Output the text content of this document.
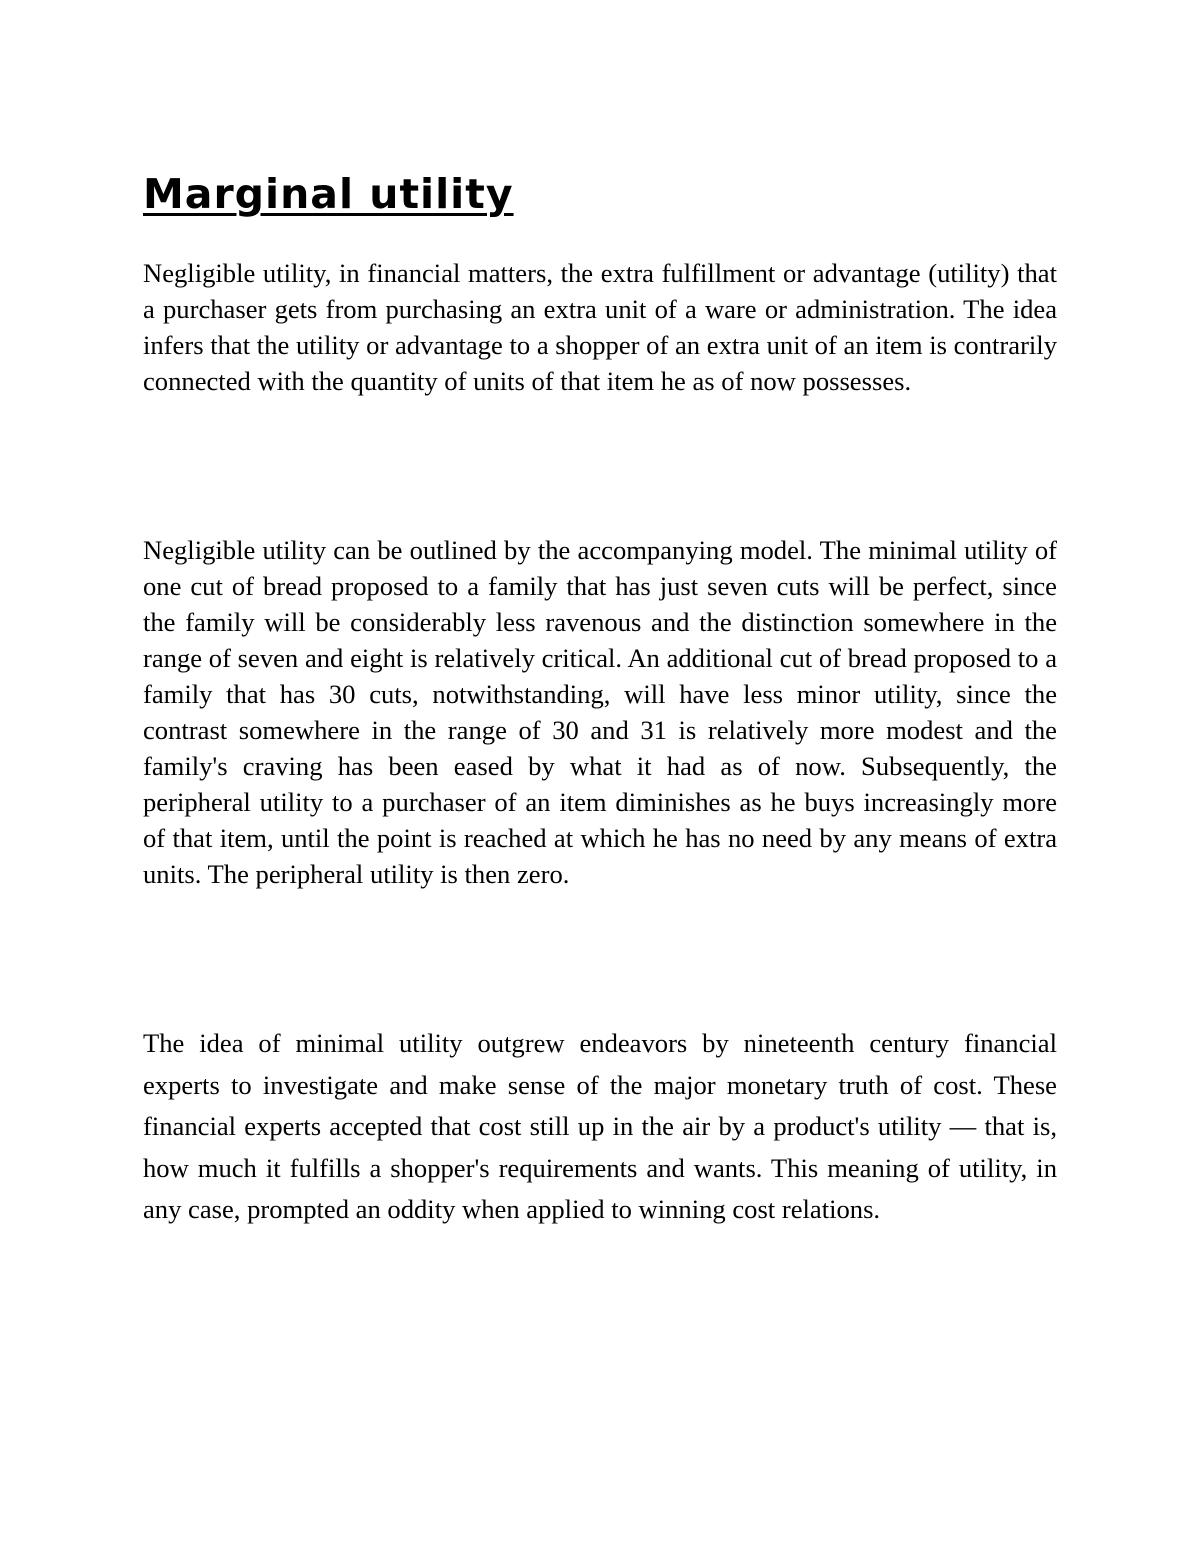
Marginal utility

Negligible utility, in financial matters, the extra fulfillment or advantage (utility) that a purchaser gets from purchasing an extra unit of a ware or administration. The idea infers that the utility or advantage to a shopper of an extra unit of an item is contrarily connected with the quantity of units of that item he as of now possesses.

Negligible utility can be outlined by the accompanying model. The minimal utility of one cut of bread proposed to a family that has just seven cuts will be perfect, since the family will be considerably less ravenous and the distinction somewhere in the range of seven and eight is relatively critical. An additional cut of bread proposed to a family that has 30 cuts, notwithstanding, will have less minor utility, since the contrast somewhere in the range of 30 and 31 is relatively more modest and the family's craving has been eased by what it had as of now. Subsequently, the peripheral utility to a purchaser of an item diminishes as he buys increasingly more of that item, until the point is reached at which he has no need by any means of extra units. The peripheral utility is then zero.

The idea of minimal utility outgrew endeavors by nineteenth century financial experts to investigate and make sense of the major monetary truth of cost. These financial experts accepted that cost still up in the air by a product's utility — that is, how much it fulfills a shopper's requirements and wants. This meaning of utility, in any case, prompted an oddity when applied to winning cost relations.
